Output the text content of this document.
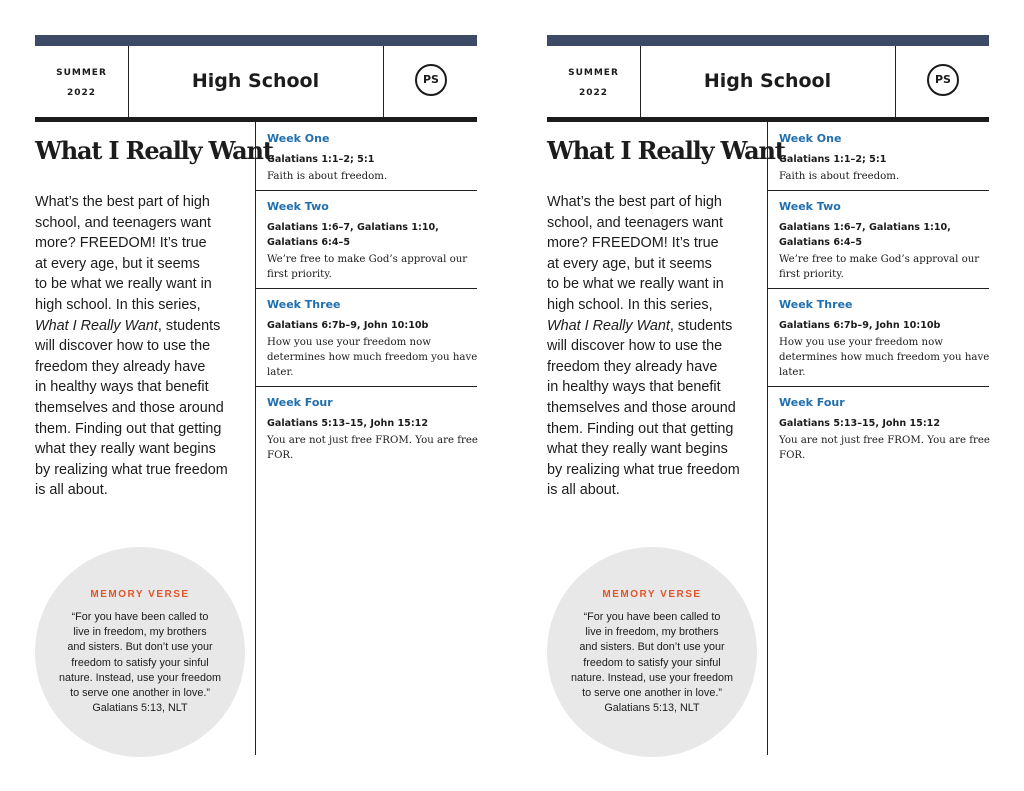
SUMMER
2022
High School	PS
What I Really Want
What’s the best part of high
school, and teenagers want
more? FREEDOM! It’s true
at every age, but it seems
to be what we really want in
high school. In this series,
What I Really Want, students
will discover how to use the
freedom they already have
in healthy ways that benefit
themselves and those around
them. Finding out that getting
what they really want begins
by realizing what true freedom
is all about.
MEMORY VERSE
“For you have been called to
live in freedom, my brothers
and sisters. But don’t use your
freedom to satisfy your sinful
nature. Instead, use your freedom
to serve one another in love.”
Galatians 5:13, NLT
Week One
Galatians 1:1–2; 5:1
Faith is about freedom.
Week Two
Galatians 1:6–7, Galatians 1:10,
Galatians 6:4–5
We’re free to make God’s approval our
first priority.
Week Three
Galatians 6:7b–9, John 10:10b
How you use your freedom now
determines how much freedom you have
later.
Week Four
Galatians 5:13–15, John 15:12
You are not just free FROM. You are free
FOR.
SUMMER
2022
High School	PS
What I Really Want
What’s the best part of high
school, and teenagers want
more? FREEDOM! It’s true
at every age, but it seems
to be what we really want in
high school. In this series,
What I Really Want, students
will discover how to use the
freedom they already have
in healthy ways that benefit
themselves and those around
them. Finding out that getting
what they really want begins
by realizing what true freedom
is all about.
MEMORY VERSE
“For you have been called to
live in freedom, my brothers
and sisters. But don’t use your
freedom to satisfy your sinful
nature. Instead, use your freedom
to serve one another in love.”
Galatians 5:13, NLT
Week One
Galatians 1:1–2; 5:1
Faith is about freedom.
Week Two
Galatians 1:6–7, Galatians 1:10,
Galatians 6:4–5
We’re free to make God’s approval our
first priority.
Week Three
Galatians 6:7b–9, John 10:10b
How you use your freedom now
determines how much freedom you have
later.
Week Four
Galatians 5:13–15, John 15:12
You are not just free FROM. You are free
FOR.
